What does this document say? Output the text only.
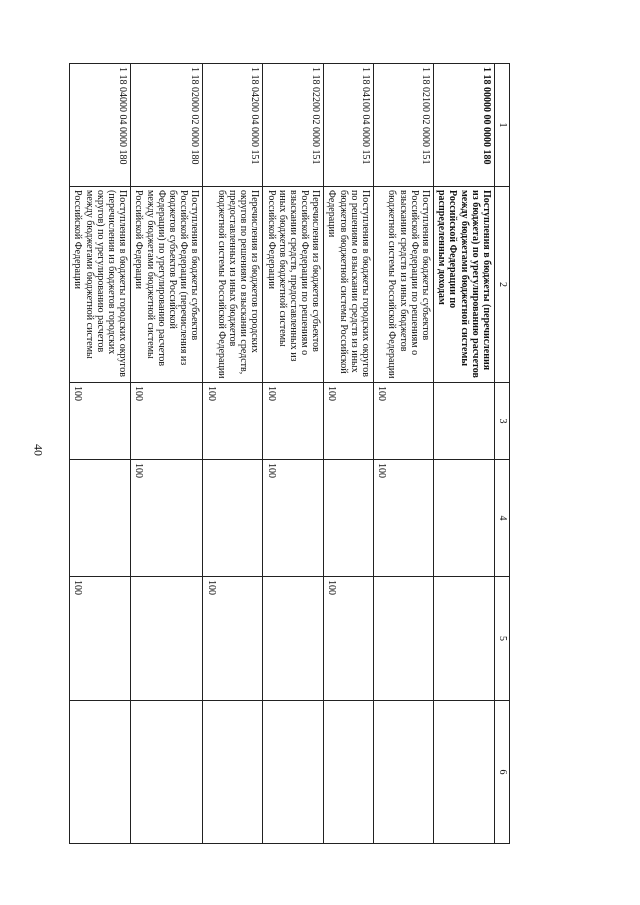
40
1	2	3	4	5	6
1 18 00000 00 0000 180	Поступления в бюджеты (перечисления из бюджета) по урегулированию расчетов между бюджетами бюджетной системы Российской Федерации по распределенным доходам				
1 18 02100 02 0000 151	Поступления в бюджеты субъектов Российской Федерации по решениям о взыскании средств из иных бюджетов бюджетной системы Российской Федерации	100	100		
1 18 04100 04 0000 151	Поступления в бюджеты городских округов по решениям о взыскании средств из иных бюджетов бюджетной системы Российской Федерации	100		100	
1 18 02200 02 0000 151	Перечисления из бюджетов субъектов Российской Федерации по решениям о взыскании средств, предоставленных из иных бюджетов бюджетной системы Российской Федерации	100	100		
1 18 04200 04 0000 151	Перечисления из бюджетов городских округов по решениям о взыскании средств, предоставленных из иных бюджетов бюджетной системы Российской Федерации	100		100	
1 18 02000 02 0000 180	Поступления в бюджеты субъектов Российской Федерации (перечисления из бюджетов субъектов Российской Федерации) по урегулированию расчетов между бюджетами бюджетной системы Российской Федерации	100	100		
1 18 04000 04 0000 180	Поступления в бюджеты городских округов (перечисления из бюджетов городских округов) по урегулированию расчетов между бюджетами бюджетной системы Российской Федерации	100		100	
